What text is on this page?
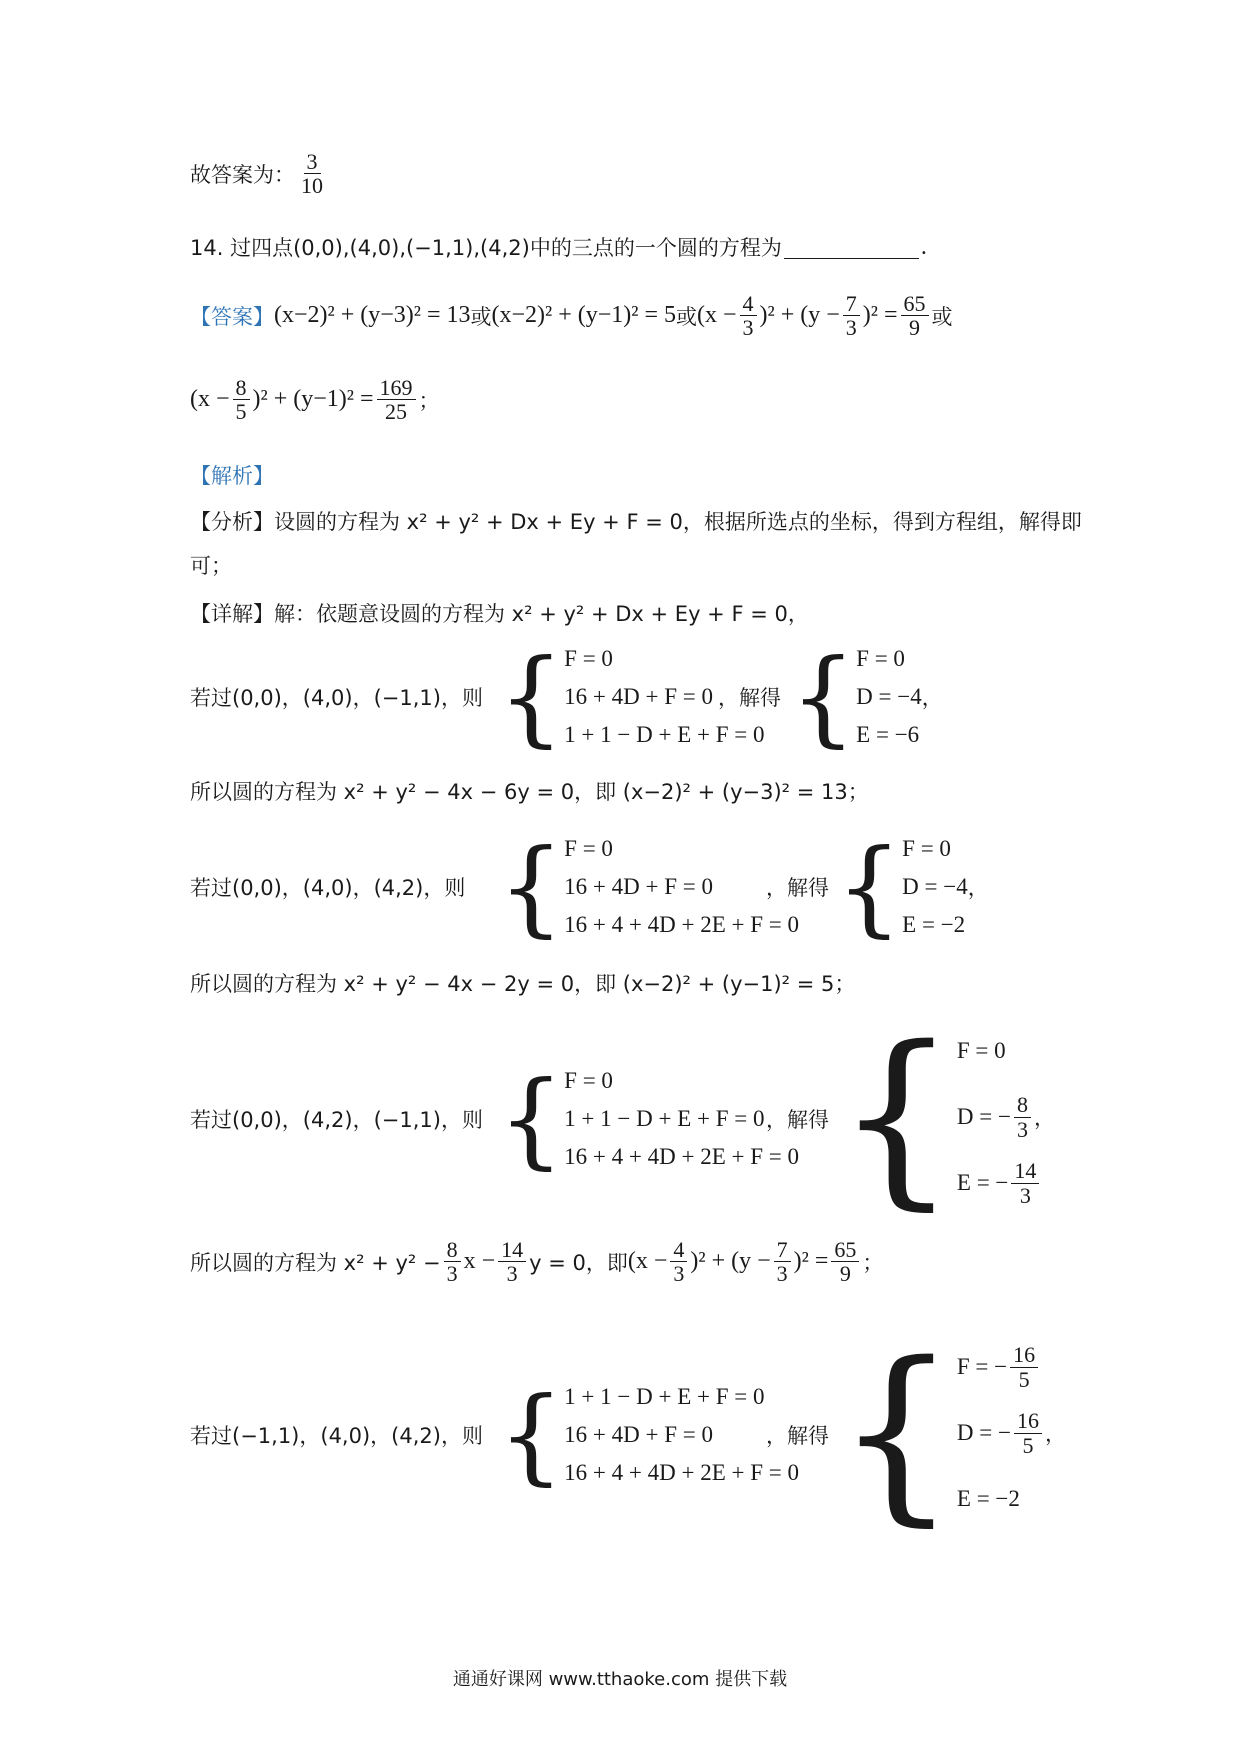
故答案为： $\frac{3}{10}$
14. 过四点(0,0),(4,0),(−1,1),(4,2)中的三点的一个圆的方程为	.
【答案】 (x−2)² + (y−3)² = 13 或 (x−2)² + (y−1)² = 5 或 $(x - \frac{4}{3} )^2 + (y - \frac{7}{3} )^2 = \frac{65}{9}$ 或
$(x - \frac{8}{5} )^2 + (y-1)^2 = \frac{169}{25}$ ；
【解析】
【分析】设圆的方程为 x² + y² + Dx + Ey + F = 0，根据所选点的坐标，得到方程组，解得即
可；
【详解】解：依题意设圆的方程为 x² + y² + Dx + Ey + F = 0，
若过(0,0)，(4,0)，(−1,1)，则 { F = 0
16 + 4D + F = 0
1 + 1 − D + E + F = 0
，解得 { F = 0
D = −4 ，
E = −6
所以圆的方程为 x² + y² − 4x − 6y = 0，即 (x−2)² + (y−3)² = 13；
若过(0,0)，(4,0)，(4,2)，则 { F = 0
16 + 4D + F = 0
16 + 4 + 4D + 2E + F = 0
，解得 { F = 0
D = −4 ，
E = −2
所以圆的方程为 x² + y² − 4x − 2y = 0，即 (x−2)² + (y−1)² = 5；
若过(0,0)，(4,2)，(−1,1)，则 { F = 0
1 + 1 − D + E + F = 0
16 + 4 + 4D + 2E + F = 0
，解得 { F = 0
D = − $\frac{8}{3}$ ，
E = − $\frac{14}{3}$
所以圆的方程为 $x^2 + y^2 - \frac{8}{3}$ $x - \frac{14}{3}$ y = 0，即 $(x - \frac{4}{3} )^2 + (y - \frac{7}{3} )^2 = \frac{65}{9}$ ；
若过(−1,1)，(4,0)，(4,2)，则 { 1 + 1 − D + E + F = 0
16 + 4D + F = 0
16 + 4 + 4D + 2E + F = 0
，解得 { F = − $\frac{16}{5}$
D = − $\frac{16}{5}$ ，
E = −2
通通好课网 www.tthaoke.com 提供下载
